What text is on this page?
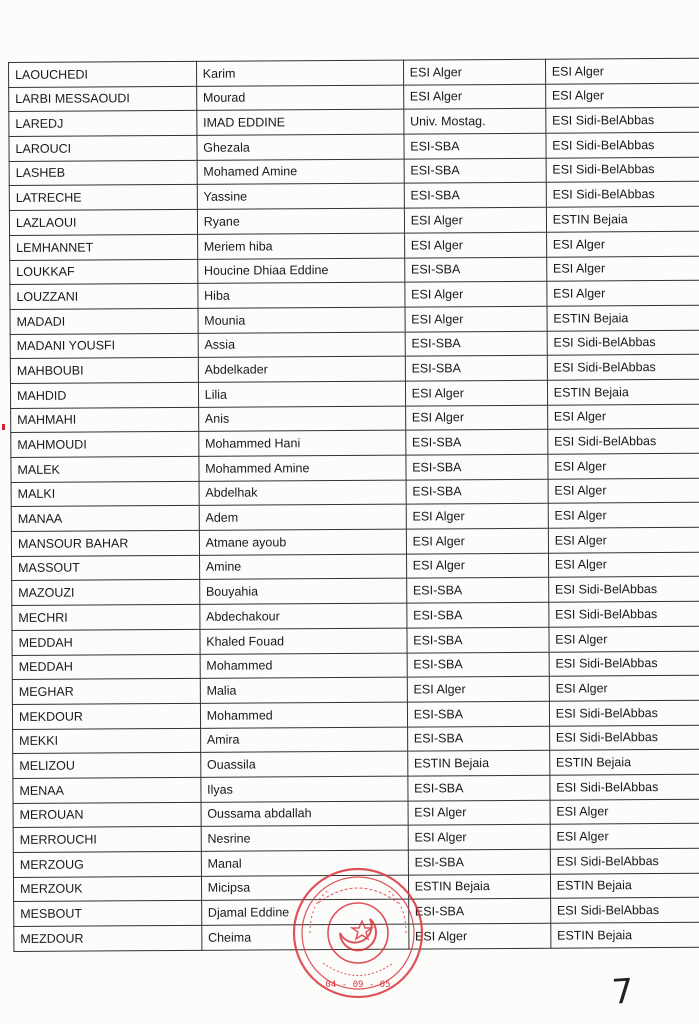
LAOUCHEDI	Karim	ESI Alger	ESI Alger
LARBI MESSAOUDI	Mourad	ESI Alger	ESI Alger
LAREDJ	IMAD EDDINE	Univ. Mostag.	ESI Sidi-BelAbbas
LAROUCI	Ghezala	ESI-SBA	ESI Sidi-BelAbbas
LASHEB	Mohamed Amine	ESI-SBA	ESI Sidi-BelAbbas
LATRECHE	Yassine	ESI-SBA	ESI Sidi-BelAbbas
LAZLAOUI	Ryane	ESI Alger	ESTIN Bejaia
LEMHANNET	Meriem hiba	ESI Alger	ESI Alger
LOUKKAF	Houcine Dhiaa Eddine	ESI-SBA	ESI Alger
LOUZZANI	Hiba	ESI Alger	ESI Alger
MADADI	Mounia	ESI Alger	ESTIN Bejaia
MADANI YOUSFI	Assia	ESI-SBA	ESI Sidi-BelAbbas
MAHBOUBI	Abdelkader	ESI-SBA	ESI Sidi-BelAbbas
MAHDID	Lilia	ESI Alger	ESTIN Bejaia
MAHMAHI	Anis	ESI Alger	ESI Alger
MAHMOUDI	Mohammed Hani	ESI-SBA	ESI Sidi-BelAbbas
MALEK	Mohammed Amine	ESI-SBA	ESI Alger
MALKI	Abdelhak	ESI-SBA	ESI Alger
MANAA	Adem	ESI Alger	ESI Alger
MANSOUR BAHAR	Atmane ayoub	ESI Alger	ESI Alger
MASSOUT	Amine	ESI Alger	ESI Alger
MAZOUZI	Bouyahia	ESI-SBA	ESI Sidi-BelAbbas
MECHRI	Abdechakour	ESI-SBA	ESI Sidi-BelAbbas
MEDDAH	Khaled Fouad	ESI-SBA	ESI Alger
MEDDAH	Mohammed	ESI-SBA	ESI Sidi-BelAbbas
MEGHAR	Malia	ESI Alger	ESI Alger
MEKDOUR	Mohammed	ESI-SBA	ESI Sidi-BelAbbas
MEKKI	Amira	ESI-SBA	ESI Sidi-BelAbbas
MELIZOU	Ouassila	ESTIN Bejaia	ESTIN Bejaia
MENAA	Ilyas	ESI-SBA	ESI Sidi-BelAbbas
MEROUAN	Oussama abdallah	ESI Alger	ESI Alger
MERROUCHI	Nesrine	ESI Alger	ESI Alger
MERZOUG	Manal	ESI-SBA	ESI Sidi-BelAbbas
MERZOUK	Micipsa	ESTIN Bejaia	ESTIN Bejaia
MESBOUT	Djamal Eddine	ESI-SBA	ESI Sidi-BelAbbas
MEZDOUR	Cheima	ESI Alger	ESTIN Bejaia
04 - 09 - 05	7
